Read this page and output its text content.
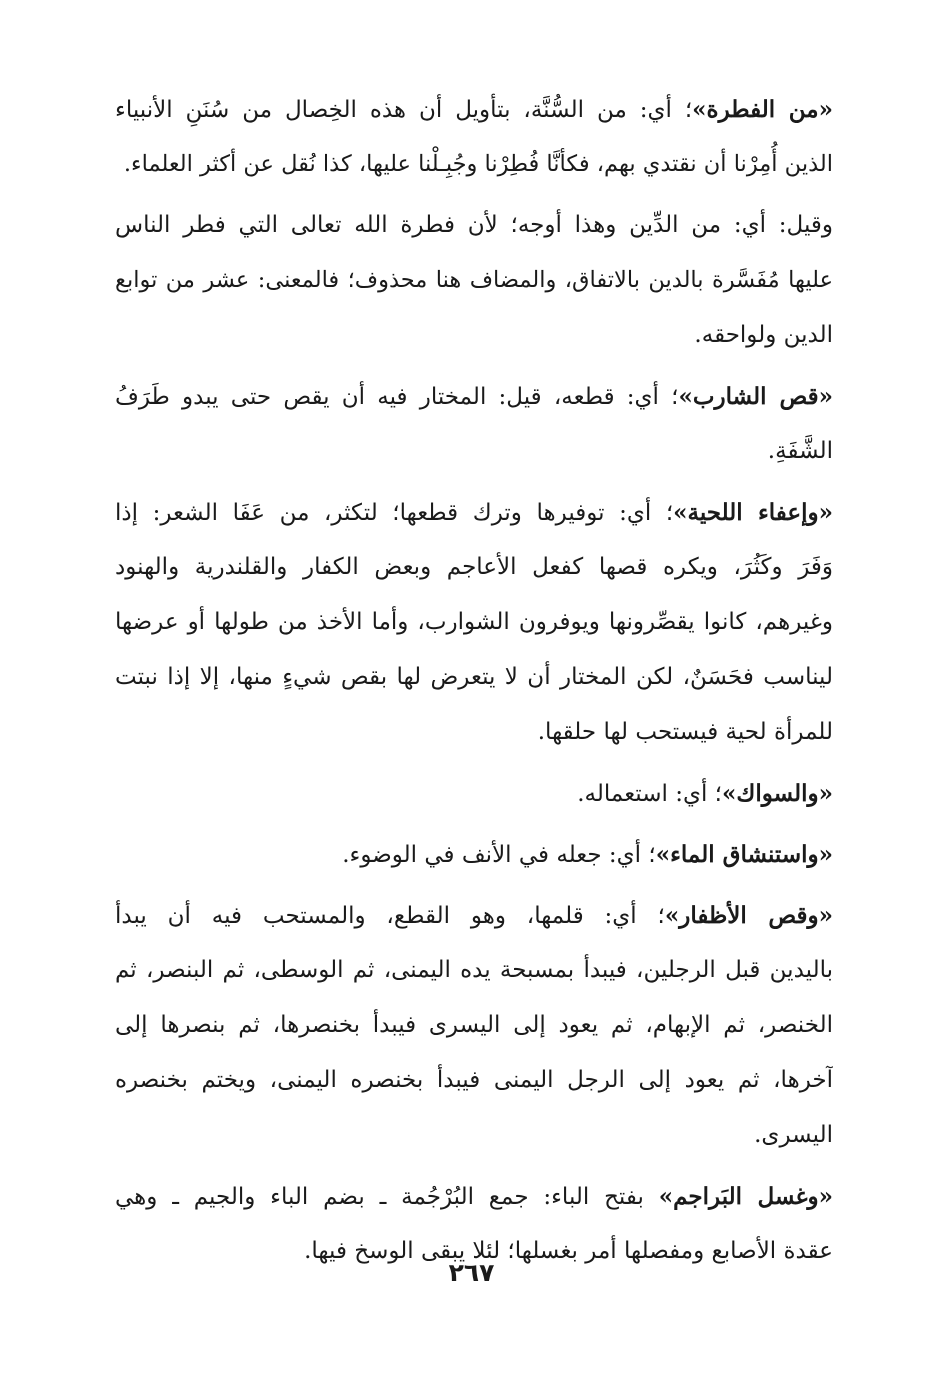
«من الفطرة»؛ أي: من السُّنَّة، بتأويل أن هذه الخِصال من سُنَنِ الأنبياء
الذين أُمِرْنا أن نقتدي بهم، فكأنَّا فُطِرْنا وجُبِـلْنا عليها، كذا نُقل عن أكثر العلماء.
وقيل: أي: من الدِّين وهذا أوجه؛ لأن فطرة الله تعالى التي فطر الناس
عليها مُفَسَّرة بالدين بالاتفاق، والمضاف هنا محذوف؛ فالمعنى: عشر من توابع
الدين ولواحقه.
«قص الشارب»؛ أي: قطعه، قيل: المختار فيه أن يقص حتى يبدو طَرَفُ
الشَّفَةِ.
«وإعفاء اللحية»؛ أي: توفيرها وترك قطعها؛ لتكثر، من عَفَا الشعر: إذا
وَفَرَ وكَثُرَ، ويكره قصها كفعل الأعاجم وبعض الكفار والقلندرية والهنود
وغيرهم، كانوا يقصِّرونها ويوفرون الشوارب، وأما الأخذ من طولها أو عرضها
ليناسب فحَسَنٌ، لكن المختار أن لا يتعرض لها بقص شيءٍ منها، إلا إذا نبتت
للمرأة لحية فيستحب لها حلقها.
«والسواك»؛ أي: استعماله.
«واستنشاق الماء»؛ أي: جعله في الأنف في الوضوء.
«وقص الأظفار»؛ أي: قلمها، وهو القطع، والمستحب فيه أن يبدأ
باليدين قبل الرجلين، فيبدأ بمسبحة يده اليمنى، ثم الوسطى، ثم البنصر، ثم
الخنصر، ثم الإبهام، ثم يعود إلى اليسرى فيبدأ بخنصرها، ثم بنصرها إلى
آخرها، ثم يعود إلى الرجل اليمنى فيبدأ بخنصره اليمنى، ويختم بخنصره
اليسرى.
«وغسل البَراجم» بفتح الباء: جمع البُرْجُمة ـ بضم الباء والجيم ـ وهي
عقدة الأصابع ومفصلها أمر بغسلها؛ لئلا يبقى الوسخ فيها.
٢٦٧
